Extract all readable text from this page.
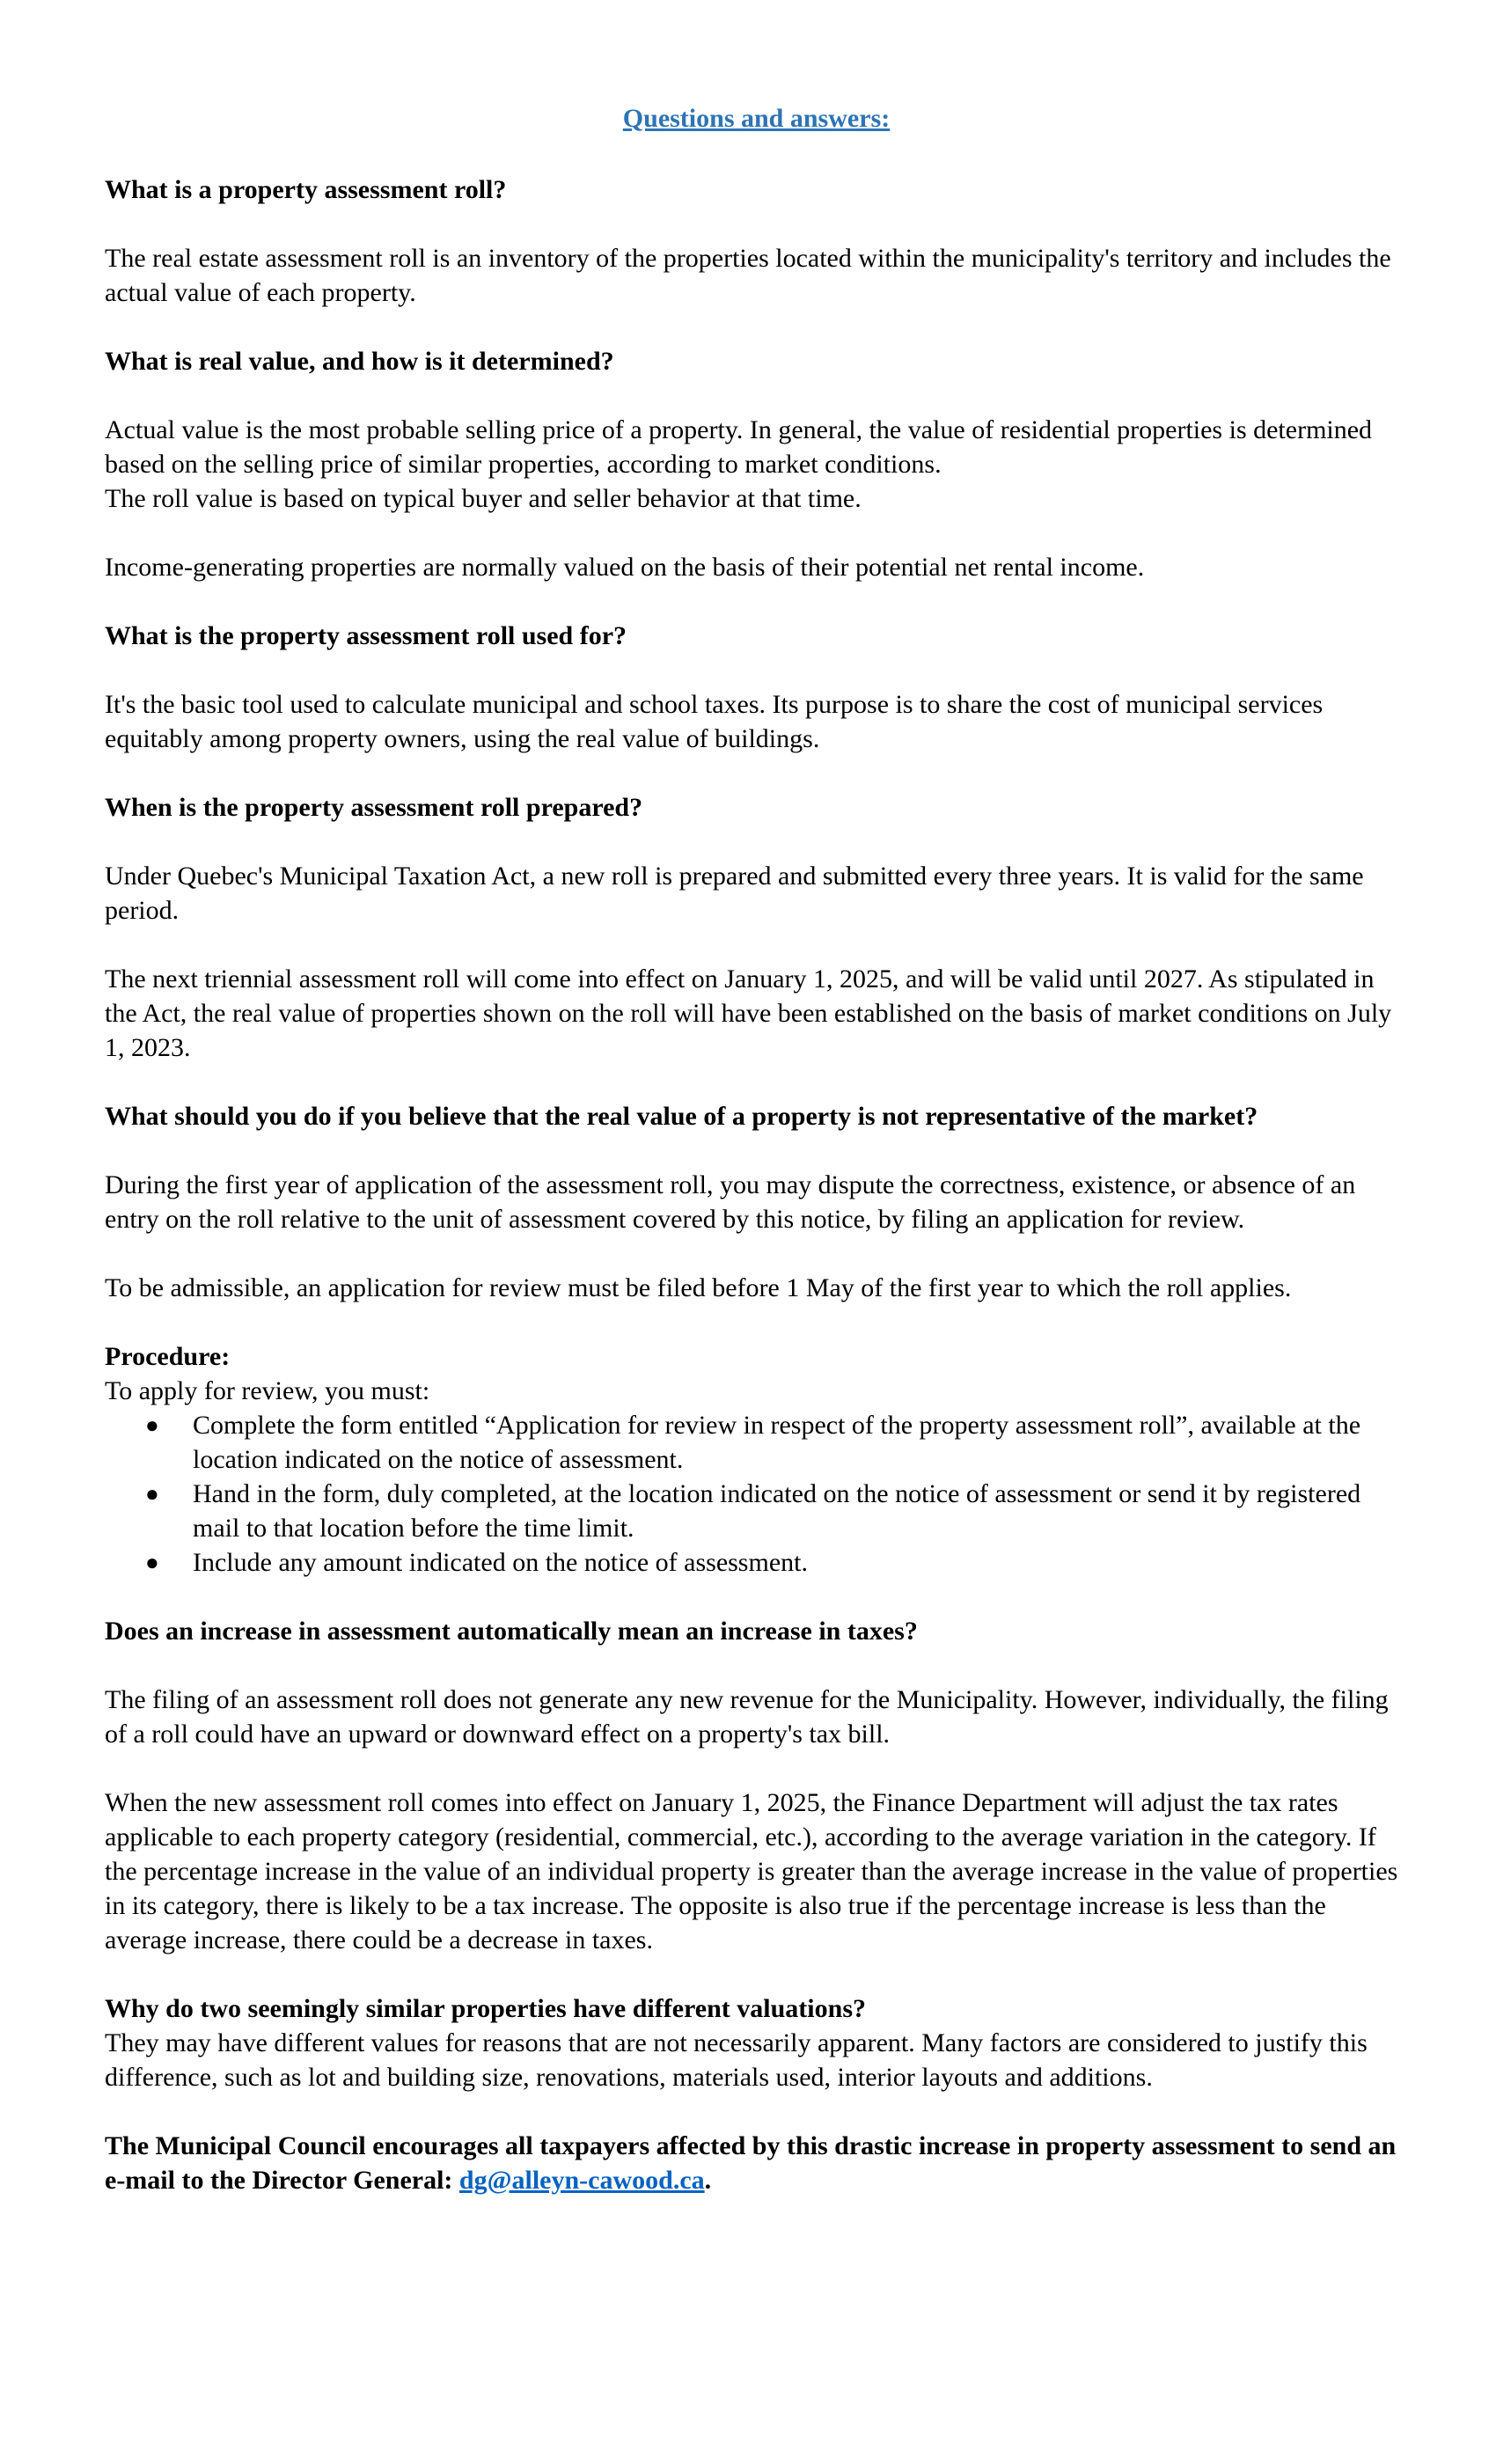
Questions and answers:
What is a property assessment roll?

The real estate assessment roll is an inventory of the properties located within the municipality's territory and includes the actual value of each property.

What is real value, and how is it determined?

Actual value is the most probable selling price of a property. In general, the value of residential properties is determined based on the selling price of similar properties, according to market conditions.

The roll value is based on typical buyer and seller behavior at that time.

Income-generating properties are normally valued on the basis of their potential net rental income.

What is the property assessment roll used for?

It's the basic tool used to calculate municipal and school taxes. Its purpose is to share the cost of municipal services equitably among property owners, using the real value of buildings.

When is the property assessment roll prepared?

Under Quebec's Municipal Taxation Act, a new roll is prepared and submitted every three years. It is valid for the same period.

The next triennial assessment roll will come into effect on January 1, 2025, and will be valid until 2027. As stipulated in the Act, the real value of properties shown on the roll will have been established on the basis of market conditions on July 1, 2023.

What should you do if you believe that the real value of a property is not representative of the market?

During the first year of application of the assessment roll, you may dispute the correctness, existence, or absence of an entry on the roll relative to the unit of assessment covered by this notice, by filing an application for review.

To be admissible, an application for review must be filed before 1 May of the first year to which the roll applies.

Procedure:

To apply for review, you must:

● Complete the form entitled “Application for review in respect of the property assessment roll”, available at the location indicated on the notice of assessment.
● Hand in the form, duly completed, at the location indicated on the notice of assessment or send it by registered mail to that location before the time limit.
● Include any amount indicated on the notice of assessment.
Does an increase in assessment automatically mean an increase in taxes?

The filing of an assessment roll does not generate any new revenue for the Municipality. However, individually, the filing of a roll could have an upward or downward effect on a property's tax bill.

When the new assessment roll comes into effect on January 1, 2025, the Finance Department will adjust the tax rates applicable to each property category (residential, commercial, etc.), according to the average variation in the category. If the percentage increase in the value of an individual property is greater than the average increase in the value of properties in its category, there is likely to be a tax increase. The opposite is also true if the percentage increase is less than the average increase, there could be a decrease in taxes.

Why do two seemingly similar properties have different valuations?

They may have different values for reasons that are not necessarily apparent. Many factors are considered to justify this difference, such as lot and building size, renovations, materials used, interior layouts and additions.

The Municipal Council encourages all taxpayers affected by this drastic increase in property assessment to send an e-mail to the Director General: dg@alleyn-cawood.ca.
